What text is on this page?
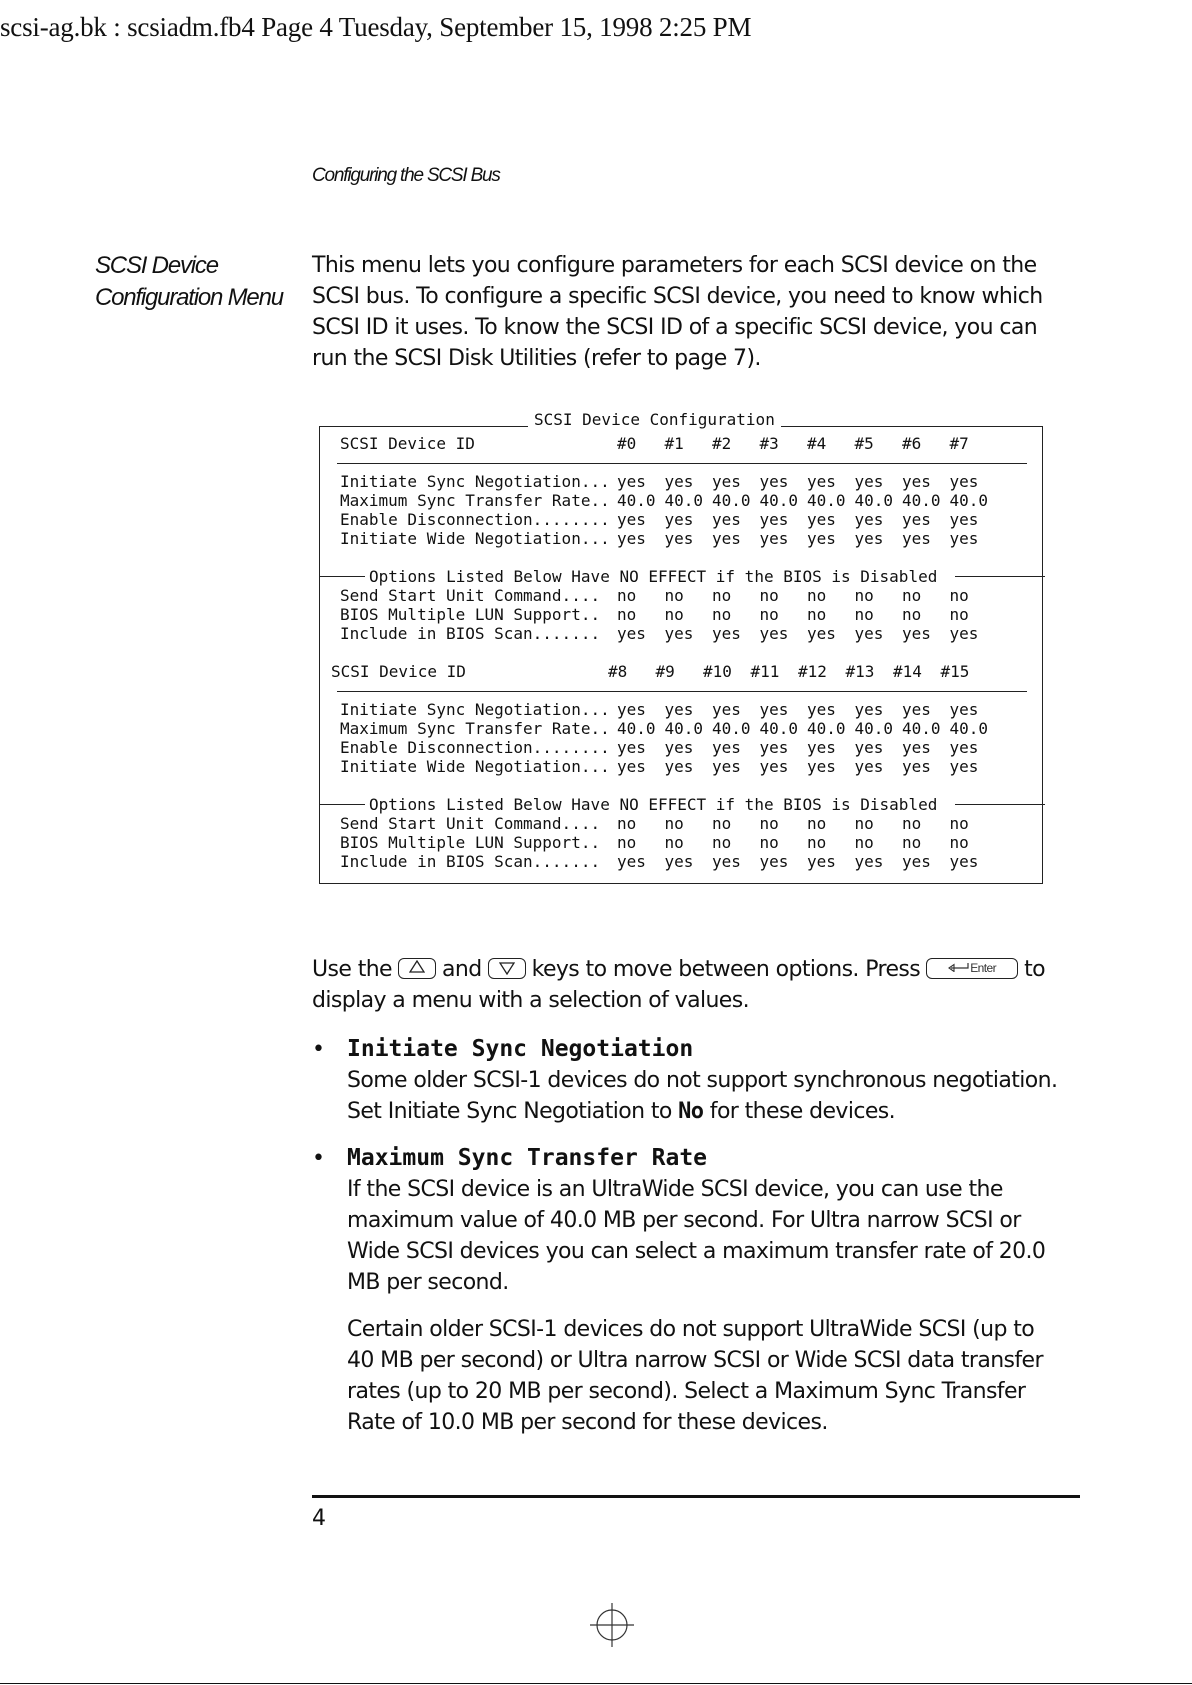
scsi-ag.bk : scsiadm.fb4 Page 4 Tuesday, September 15, 1998 2:25 PM
Configuring the SCSI Bus
SCSI Device
Configuration Menu
This menu lets you configure parameters for each SCSI device on the
SCSI bus. To configure a specific SCSI device, you need to know which
SCSI ID it uses. To know the SCSI ID of a specific SCSI device, you can
run the SCSI Disk Utilities (refer to page 7).
SCSI Device Configuration
SCSI Device ID	#0 #1 #2 #3 #4 #5 #6 #7
Initiate Sync Negotiation... yes yes yes yes yes yes yes yes
Maximum Sync Transfer Rate.. 40.0 40.0 40.0 40.0 40.0 40.0 40.0 40.0
Enable Disconnection........ yes yes yes yes yes yes yes yes
Initiate Wide Negotiation... yes yes yes yes yes yes yes yes
Options Listed Below Have NO EFFECT if the BIOS is Disabled
Send Start Unit Command.... no no no no no no no no
BIOS Multiple LUN Support.. no no no no no no no no
Include in BIOS Scan....... yes yes yes yes yes yes yes yes
SCSI Device ID	#8 #9 #10 #11 #12 #13 #14 #15
Initiate Sync Negotiation... yes yes yes yes yes yes yes yes
Maximum Sync Transfer Rate.. 40.0 40.0 40.0 40.0 40.0 40.0 40.0 40.0
Enable Disconnection........ yes yes yes yes yes yes yes yes
Initiate Wide Negotiation... yes yes yes yes yes yes yes yes
Options Listed Below Have NO EFFECT if the BIOS is Disabled
Send Start Unit Command.... no no no no no no no no
BIOS Multiple LUN Support.. no no no no no no no no
Include in BIOS Scan....... yes yes yes yes yes yes yes yes
Use the and keys to move between options. Press	Enter to
display a menu with a selection of values.
• Initiate Sync Negotiation
Some older SCSI-1 devices do not support synchronous negotiation.
Set Initiate Sync Negotiation to No for these devices.
• Maximum Sync Transfer Rate
If the SCSI device is an UltraWide SCSI device, you can use the
maximum value of 40.0 MB per second. For Ultra narrow SCSI or
Wide SCSI devices you can select a maximum transfer rate of 20.0
MB per second.
Certain older SCSI-1 devices do not support UltraWide SCSI (up to
40 MB per second) or Ultra narrow SCSI or Wide SCSI data transfer
rates (up to 20 MB per second). Select a Maximum Sync Transfer
Rate of 10.0 MB per second for these devices.
4
